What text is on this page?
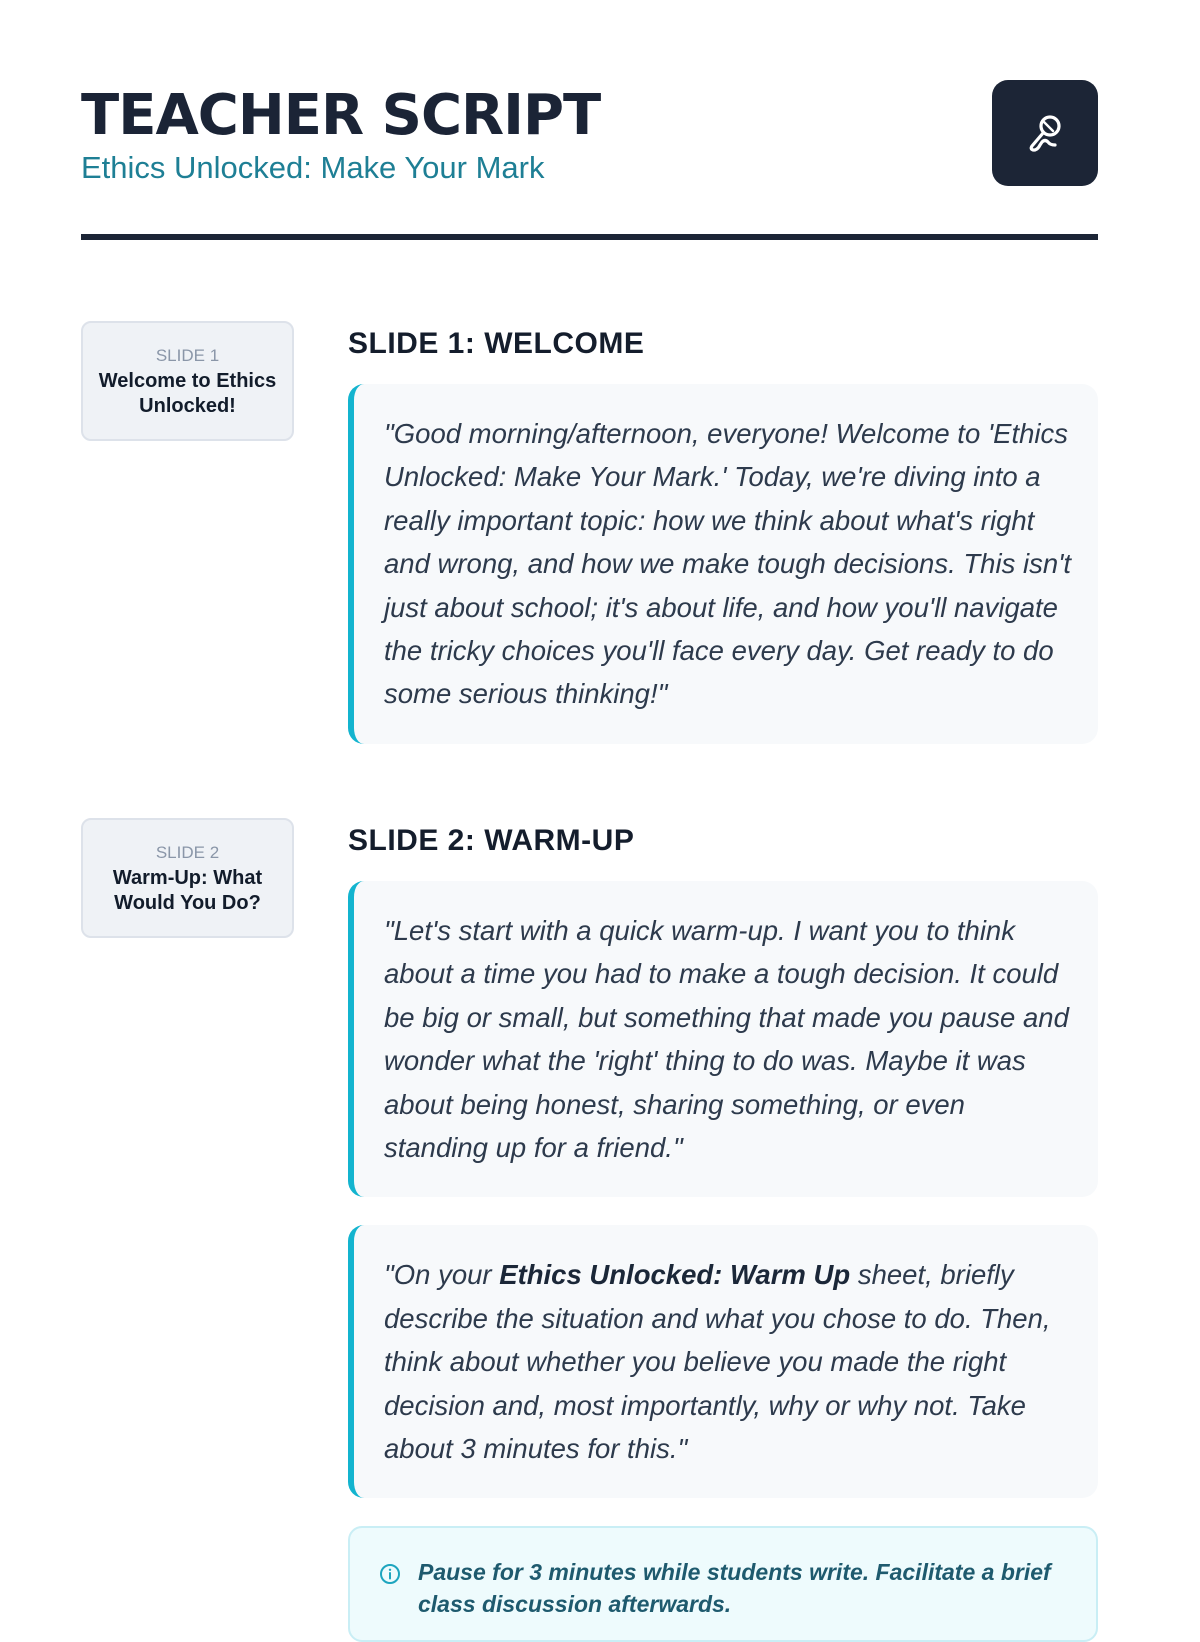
TEACHER SCRIPT
Ethics Unlocked: Make Your Mark
SLIDE 1
Welcome to Ethics Unlocked!
SLIDE 1: WELCOME
"Good morning/afternoon, everyone! Welcome to 'Ethics Unlocked: Make Your Mark.' Today, we're diving into a really important topic: how we think about what's right and wrong, and how we make tough decisions. This isn't just about school; it's about life, and how you'll navigate the tricky choices you'll face every day. Get ready to do some serious thinking!"
SLIDE 2
Warm-Up: What Would You Do?
SLIDE 2: WARM-UP
"Let's start with a quick warm-up. I want you to think about a time you had to make a tough decision. It could be big or small, but something that made you pause and wonder what the 'right' thing to do was. Maybe it was about being honest, sharing something, or even standing up for a friend."
"On your Ethics Unlocked: Warm Up sheet, briefly describe the situation and what you chose to do. Then, think about whether you believe you made the right decision and, most importantly, why or why not. Take about 3 minutes for this."
Pause for 3 minutes while students write. Facilitate a brief class discussion afterwards.
